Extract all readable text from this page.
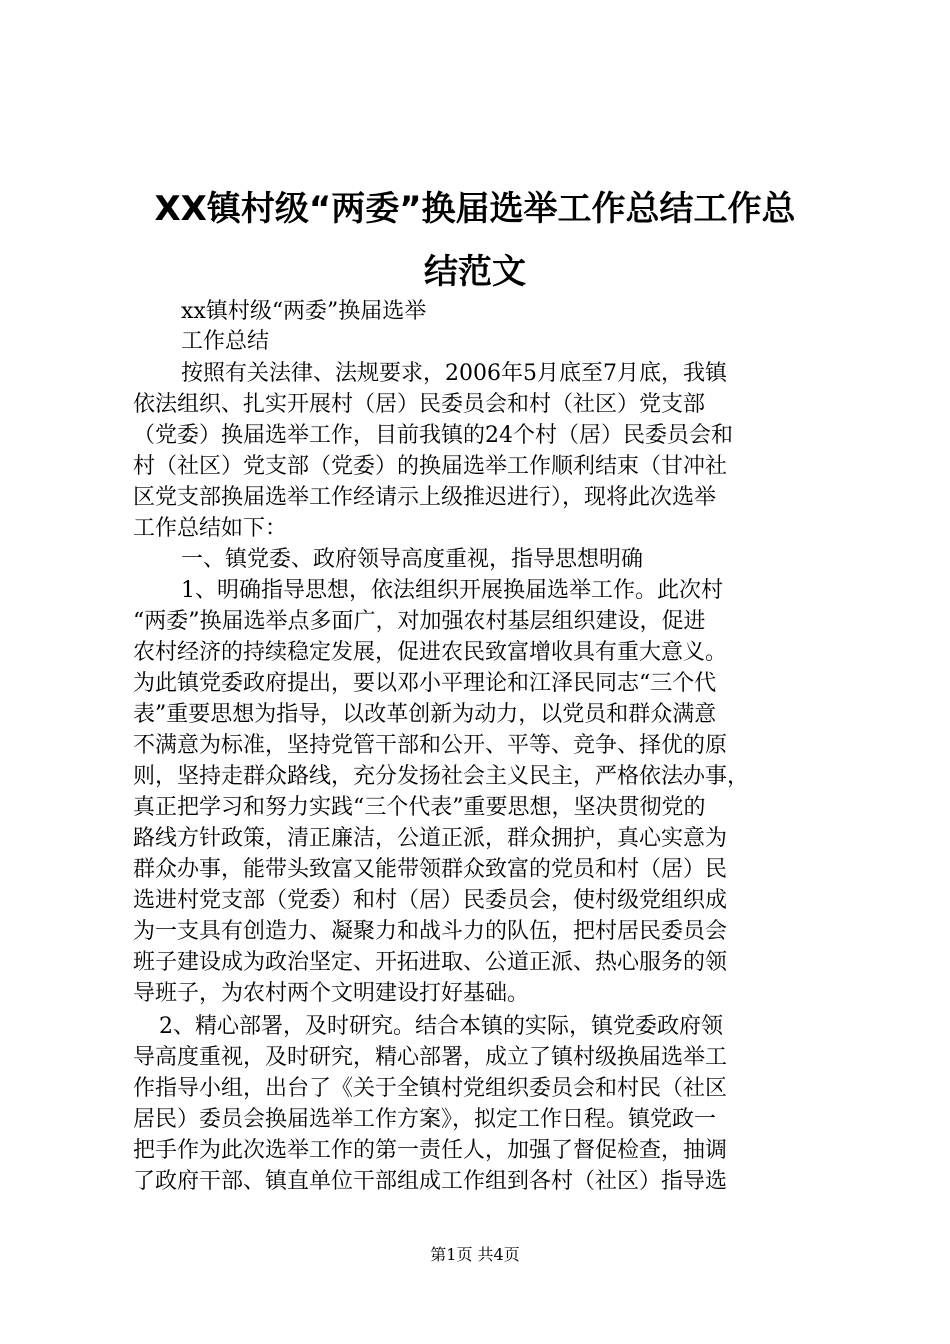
XX镇村级“两委”换届选举工作总结工作总
结范文
xx镇村级“两委”换届选举
工作总结
按照有关法律、法规要求，2006年5月底至7月底，我镇
依法组织、扎实开展村（居）民委员会和村（社区）党支部
（党委）换届选举工作，目前我镇的24个村（居）民委员会和
村（社区）党支部（党委）的换届选举工作顺利结束（甘冲社
区党支部换届选举工作经请示上级推迟进行），现将此次选举
工作总结如下：
一、镇党委、政府领导高度重视，指导思想明确
1、明确指导思想，依法组织开展换届选举工作。此次村
“两委”换届选举点多面广，对加强农村基层组织建设，促进
农村经济的持续稳定发展，促进农民致富增收具有重大意义。
为此镇党委政府提出，要以邓小平理论和江泽民同志“三个代
表”重要思想为指导，以改革创新为动力，以党员和群众满意
不满意为标准，坚持党管干部和公开、平等、竞争、择优的原
则，坚持走群众路线，充分发扬社会主义民主，严格依法办事，
真正把学习和努力实践“三个代表”重要思想，坚决贯彻党的
路线方针政策，清正廉洁，公道正派，群众拥护，真心实意为
群众办事，能带头致富又能带领群众致富的党员和村（居）民
选进村党支部（党委）和村（居）民委员会，使村级党组织成
为一支具有创造力、凝聚力和战斗力的队伍，把村居民委员会
班子建设成为政治坚定、开拓进取、公道正派、热心服务的领
导班子，为农村两个文明建设打好基础。
2、精心部署，及时研究。结合本镇的实际，镇党委政府领
导高度重视，及时研究，精心部署，成立了镇村级换届选举工
作指导小组，出台了《关于全镇村党组织委员会和村民（社区
居民）委员会换届选举工作方案》，拟定工作日程。镇党政一
把手作为此次选举工作的第一责任人，加强了督促检查，抽调
了政府干部、镇直单位干部组成工作组到各村（社区）指导选
第1页 共4页
